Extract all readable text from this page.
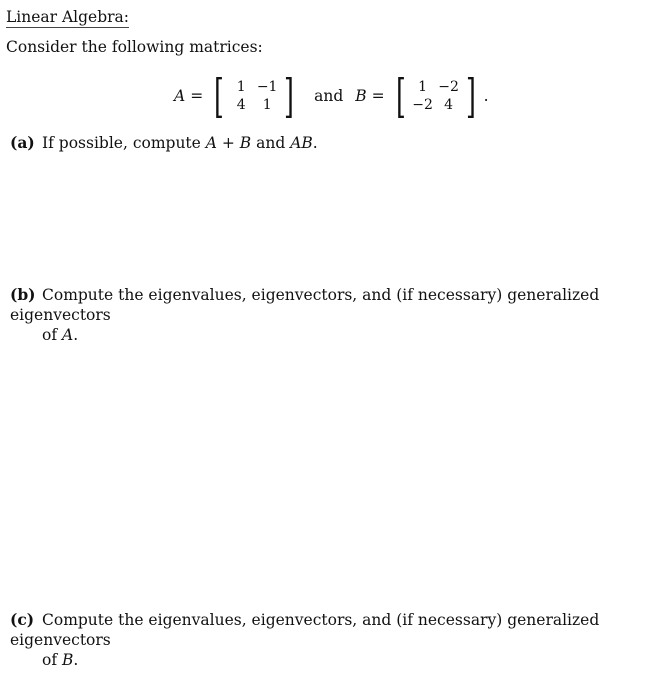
Linear Algebra:
Consider the following matrices:
A = [ 1 −1
4	1 ] and B = [ 1 −2
−2 4 ] .
(a) If possible, compute A + B and AB.
(b) Compute the eigenvalues, eigenvectors, and (if necessary) generalized eigenvectors
of A.
(c) Compute the eigenvalues, eigenvectors, and (if necessary) generalized eigenvectors
of B.
